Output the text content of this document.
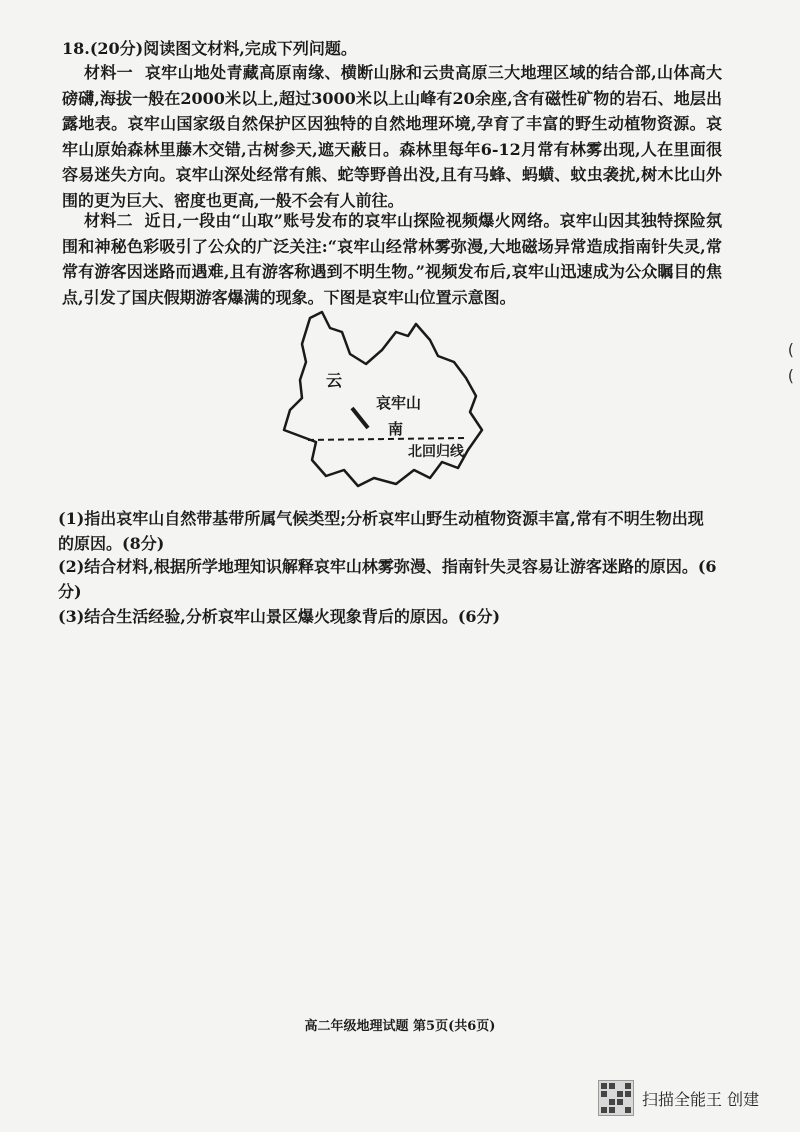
18.(20分)阅读图文材料,完成下列问题。
材料一 哀牢山地处青藏高原南缘、横断山脉和云贵高原三大地理区域的结合部,山体高大磅礴,海拔一般在2000米以上,超过3000米以上山峰有20余座,含有磁性矿物的岩石、地层出露地表。哀牢山国家级自然保护区因独特的自然地理环境,孕育了丰富的野生动植物资源。哀牢山原始森林里藤木交错,古树参天,遮天蔽日。森林里每年6-12月常有林雾出现,人在里面很容易迷失方向。哀牢山深处经常有熊、蛇等野兽出没,且有马蜂、蚂蟥、蚊虫袭扰,树木比山外围的更为巨大、密度也更高,一般不会有人前往。
材料二 近日,一段由“山取”账号发布的哀牢山探险视频爆火网络。哀牢山因其独特探险氛围和神秘色彩吸引了公众的广泛关注:“哀牢山经常林雾弥漫,大地磁场异常造成指南针失灵,常常有游客因迷路而遇难,且有游客称遇到不明生物。”视频发布后,哀牢山迅速成为公众瞩目的焦点,引发了国庆假期游客爆满的现象。下图是哀牢山位置示意图。
云
南
哀牢山
北回归线
(1)指出哀牢山自然带基带所属气候类型;分析哀牢山野生动植物资源丰富,常有不明生物出现的原因。(8分)
(2)结合材料,根据所学地理知识解释哀牢山林雾弥漫、指南针失灵容易让游客迷路的原因。(6分)
(3)结合生活经验,分析哀牢山景区爆火现象背后的原因。(6分)
高二年级地理试题 第5页(共6页)
(
(
扫描全能王 创建
